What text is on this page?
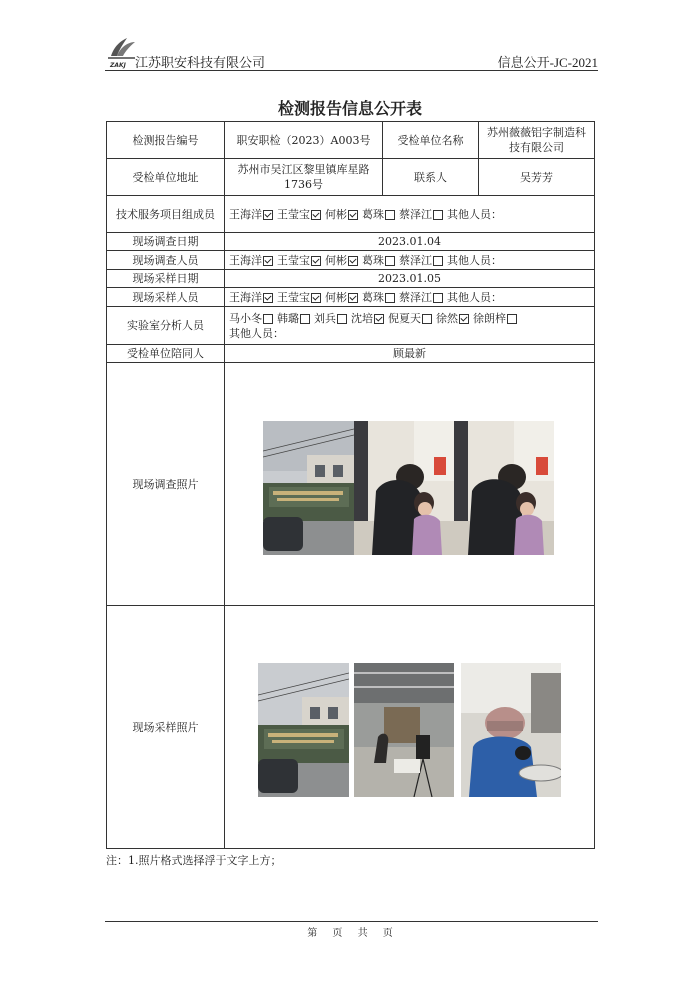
ZAKJ 江苏职安科技有限公司	信息公开-JC-2021
检测报告信息公开表
检测报告编号	职安职检（2023）A003号	受检单位名称	苏州薇薇铝字制造科技有限公司
受检单位地址	苏州市吴江区黎里镇库星路1736号	联系人	吴芳芳
技术服务项目组成员	王海洋 王莹宝 何彬 葛珠 蔡泽江 其他人员：		
现场调查日期	2023.01.04		
现场调查人员	王海洋 王莹宝 何彬 葛珠 蔡泽江 其他人员：		
现场采样日期	2023.01.05		
现场采样人员	王海洋 王莹宝 何彬 葛珠 蔡泽江 其他人员：		
实验室分析人员	马小冬 韩璐 刘兵 沈培 倪夏天 徐然 徐朗梓
其他人员：		
受检单位陪同人	顾最新		
现场调查照片			
现场采样照片			
注：1.照片格式选择浮于文字上方；
第 页 共 页
